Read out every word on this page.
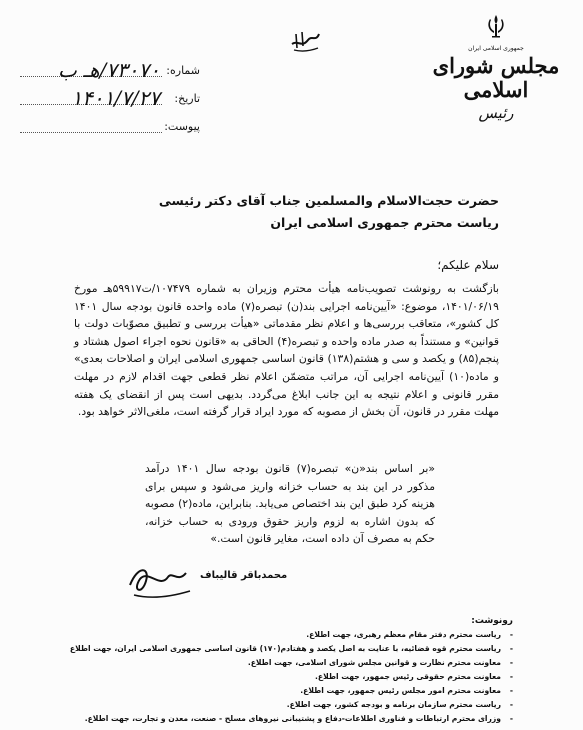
جمهوری اسلامی ایران
مجلس شورای اسلامی
رئیس
شماره:
۷۳۰۷۰/هـ ب
تاریخ:
۱۴۰۱/۷/۲۷
پیوست:
حضرت حجت‌الاسلام والمسلمین جناب آقای دکتر رئیسی
ریاست محترم جمهوری اسلامی ایران
سلام علیکم؛
بازگشت به رونوشت تصویب‌نامه هیأت محترم وزیران به شماره ۱۰۷۴۷۹/ت۵۹۹۱۷هـ مورخ ۱۴۰۱/۰۶/۱۹، موضوع: «آیین‌نامه اجرایی بند(ن) تبصره(۷) ماده واحده قانون بودجه سال ۱۴۰۱ کل کشور»، متعاقب بررسی‌ها و اعلام نظر مقدماتی «هیأت بررسی و تطبیق مصوّبات دولت با قوانین» و مستنداً به صدر ماده واحده و تبصره(۴) الحاقی به «قانون نحوه اجراء اصول هشتاد و پنجم(۸۵) و یکصد و سی و هشتم(۱۳۸) قانون اساسی جمهوری اسلامی ایران و اصلاحات بعدی» و ماده(۱۰) آیین‌نامه اجرایی آن، مراتب متضمّن اعلام نظر قطعی جهت اقدام لازم در مهلت مقرر قانونی و اعلام نتیجه به این جانب ابلاغ می‌گردد. بدیهی است پس از انقضای یک هفته مهلت مقرر در قانون، آن بخش از مصوبه که مورد ایراد قرار گرفته است، ملغی‌الاثر خواهد بود.
«بر اساس بند«ن» تبصره(۷) قانون بودجه سال ۱۴۰۱ درآمد مذکور در این بند به حساب خزانه واریز می‌شود و سپس برای هزینه کرد طبق این بند اختصاص می‌یابد. بنابراین، ماده(۲) مصوبه که بدون اشاره به لزوم واریز حقوق ورودی به حساب خزانه، حکم به مصرف آن داده است، مغایر قانون است.»
محمدباقر قالیباف
رونوشت:
- ریاست محترم دفتر مقام معظم رهبری، جهت اطلاع.
- ریاست محترم قوه قضائیه، با عنایت به اصل یکصد و هفتادم(۱۷۰) قانون اساسی جمهوری اسلامی ایران، جهت اطلاع
- معاونت محترم نظارت و قوانین مجلس شورای اسلامی، جهت اطلاع.
- معاونت محترم حقوقی رئیس جمهور، جهت اطلاع.
- معاونت محترم امور مجلس رئیس جمهور، جهت اطلاع.
- ریاست محترم سازمان برنامه و بودجه کشور، جهت اطلاع.
- وزرای محترم ارتباطات و فناوری اطلاعات-دفاع و پشتیبانی نیروهای مسلح - صنعت، معدن و تجارت، جهت اطلاع.
